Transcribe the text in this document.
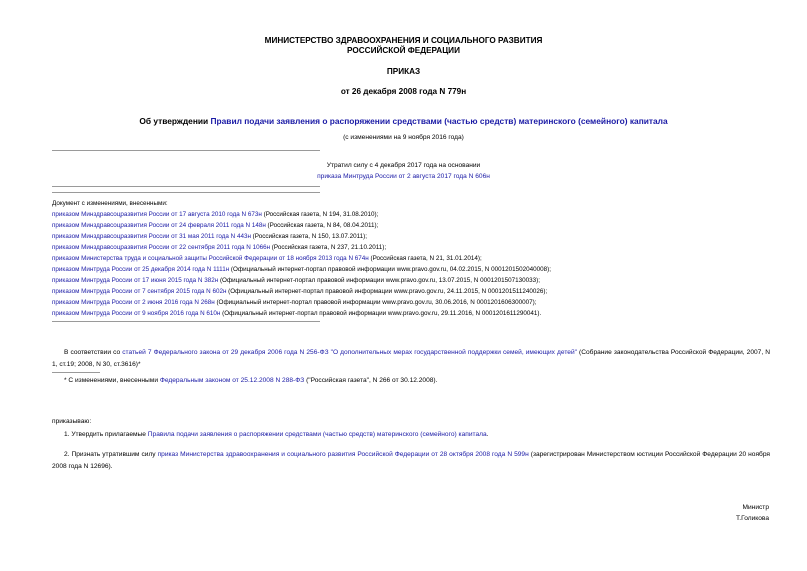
МИНИСТЕРСТВО ЗДРАВООХРАНЕНИЯ И СОЦИАЛЬНОГО РАЗВИТИЯ
РОССИЙСКОЙ ФЕДЕРАЦИИ
ПРИКАЗ
от 26 декабря 2008 года N 779н
Об утверждении Правил подачи заявления о распоряжении средствами (частью средств) материнского (семейного) капитала
(с изменениями на 9 ноября 2016 года)
Утратил силу с 4 декабря 2017 года на основании
приказа Минтруда России от 2 августа 2017 года N 606н
Документ с изменениями, внесенными:
приказом Минздравсоцразвития России от 17 августа 2010 года N 673н (Российская газета, N 194, 31.08.2010);
приказом Минздравсоцразвития России от 24 февраля 2011 года N 148н (Российская газета, N 84, 08.04.2011);
приказом Минздравсоцразвития России от 31 мая 2011 года N 443н (Российская газета, N 150, 13.07.2011);
приказом Минздравсоцразвития России от 22 сентября 2011 года N 1066н (Российская газета, N 237, 21.10.2011);
приказом Министерства труда и социальной защиты Российской Федерации от 18 ноября 2013 года N 674н (Российская газета, N 21, 31.01.2014);
приказом Минтруда России от 25 декабря 2014 года N 1111н (Официальный интернет-портал правовой информации www.pravo.gov.ru, 04.02.2015, N 0001201502040008);
приказом Минтруда России от 17 июня 2015 года N 382н (Официальный интернет-портал правовой информации www.pravo.gov.ru, 13.07.2015, N 0001201507130033);
приказом Минтруда России от 7 сентября 2015 года N 602н (Официальный интернет-портал правовой информации www.pravo.gov.ru, 24.11.2015, N 0001201511240026);
приказом Минтруда России от 2 июня 2016 года N 268н (Официальный интернет-портал правовой информации www.pravo.gov.ru, 30.06.2016, N 0001201606300007);
приказом Минтруда России от 9 ноября 2016 года N 610н (Официальный интернет-портал правовой информации www.pravo.gov.ru, 29.11.2016, N 0001201611290041).
В соответствии со статьей 7 Федерального закона от 29 декабря 2006 года N 256-ФЗ "О дополнительных мерах государственной поддержки семей, имеющих детей" (Собрание законодательства Российской Федерации, 2007, N 1, ст.19; 2008, N 30, ст.3616)*
* С изменениями, внесенными Федеральным законом от 25.12.2008 N 288-ФЗ ("Российская газета", N 266 от 30.12.2008).
приказываю:
1. Утвердить прилагаемые Правила подачи заявления о распоряжении средствами (частью средств) материнского (семейного) капитала.
2. Признать утратившим силу приказ Министерства здравоохранения и социального развития Российской Федерации от 28 октября 2008 года N 599н (зарегистрирован Министерством юстиции Российской Федерации 20 ноября 2008 года N 12696).
Министр
Т.Голикова
